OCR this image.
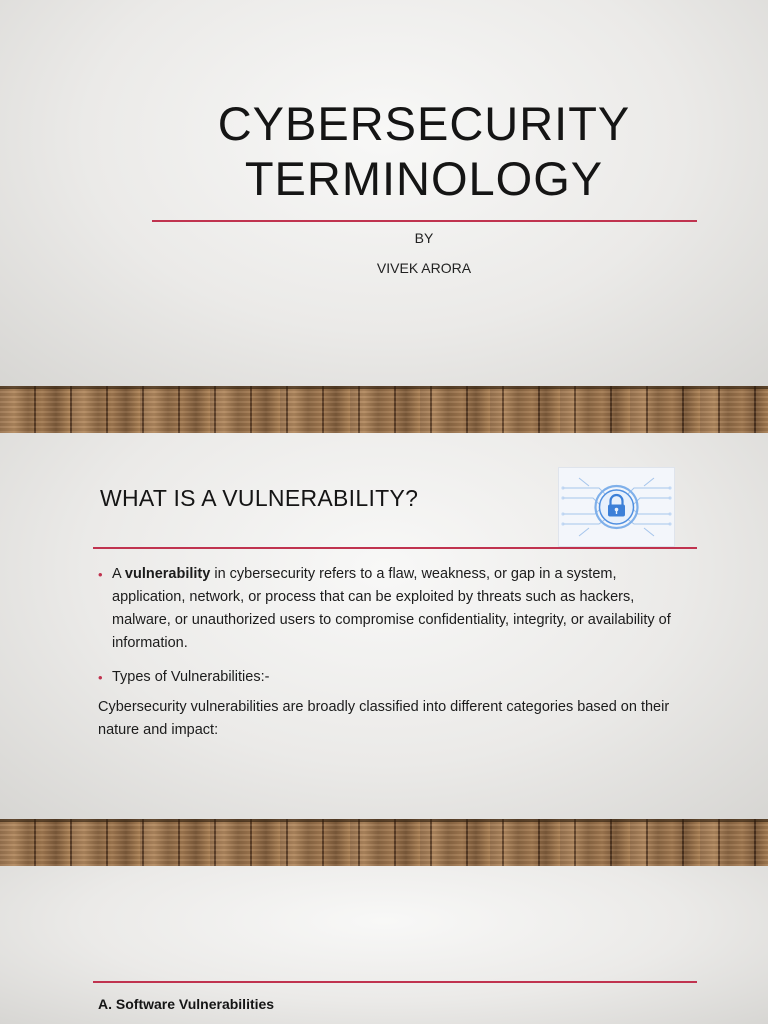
CYBERSECURITY
TERMINOLOGY
BY
VIVEK ARORA
WHAT IS A VULNERABILITY?
• A vulnerability in cybersecurity refers to a flaw, weakness, or gap in a system, application, network, or process that can be exploited by threats such as hackers, malware, or unauthorized users to compromise confidentiality, integrity, or availability of information.
• Types of Vulnerabilities:-
Cybersecurity vulnerabilities are broadly classified into different categories based on their nature and impact:
A. Software Vulnerabilities
